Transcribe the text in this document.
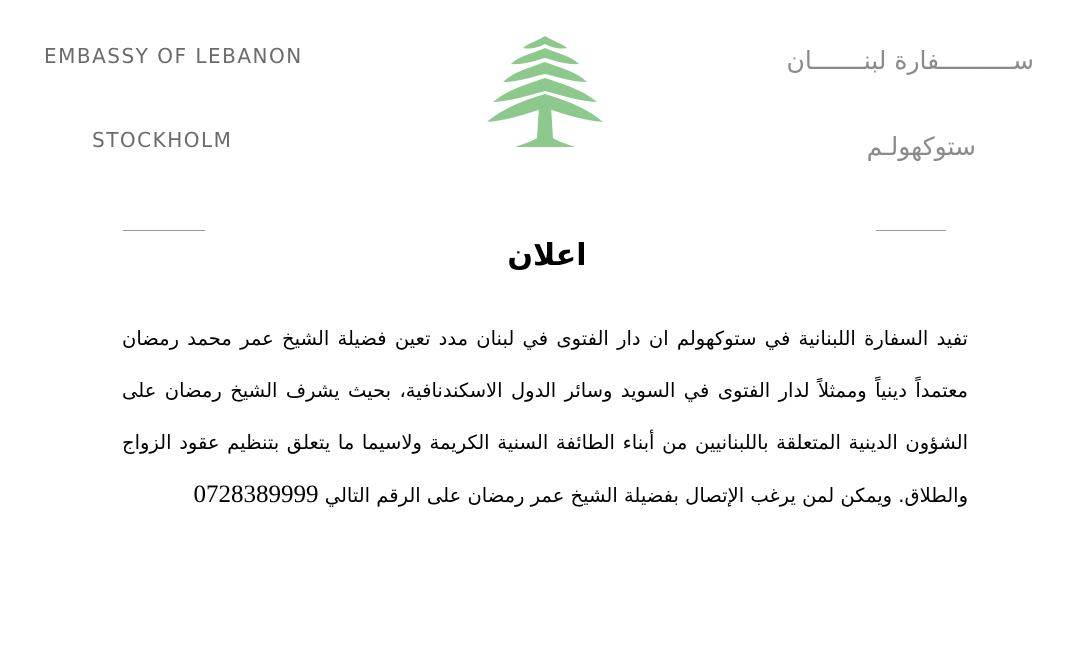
EMBASSY OF LEBANON
STOCKHOLM
ســــــــــفارة لبنـــــــان
ستوكهولـم
اعلان
تفيد السفارة اللبنانية في ستوكهولم ان دار الفتوى في لبنان مدد تعين فضيلة الشيخ عمر محمد رمضان معتمداً دينياً وممثلاً لدار الفتوى في السويد وسائر الدول الاسكندنافية، بحيث يشرف الشيخ رمضان على الشؤون الدينية المتعلقة باللبنانيين من أبناء الطائفة السنية الكريمة ولاسيما ما يتعلق بتنظيم عقود الزواج والطلاق. ويمكن لمن يرغب الإتصال بفضيلة الشيخ عمر رمضان على الرقم التالي 0728389999
